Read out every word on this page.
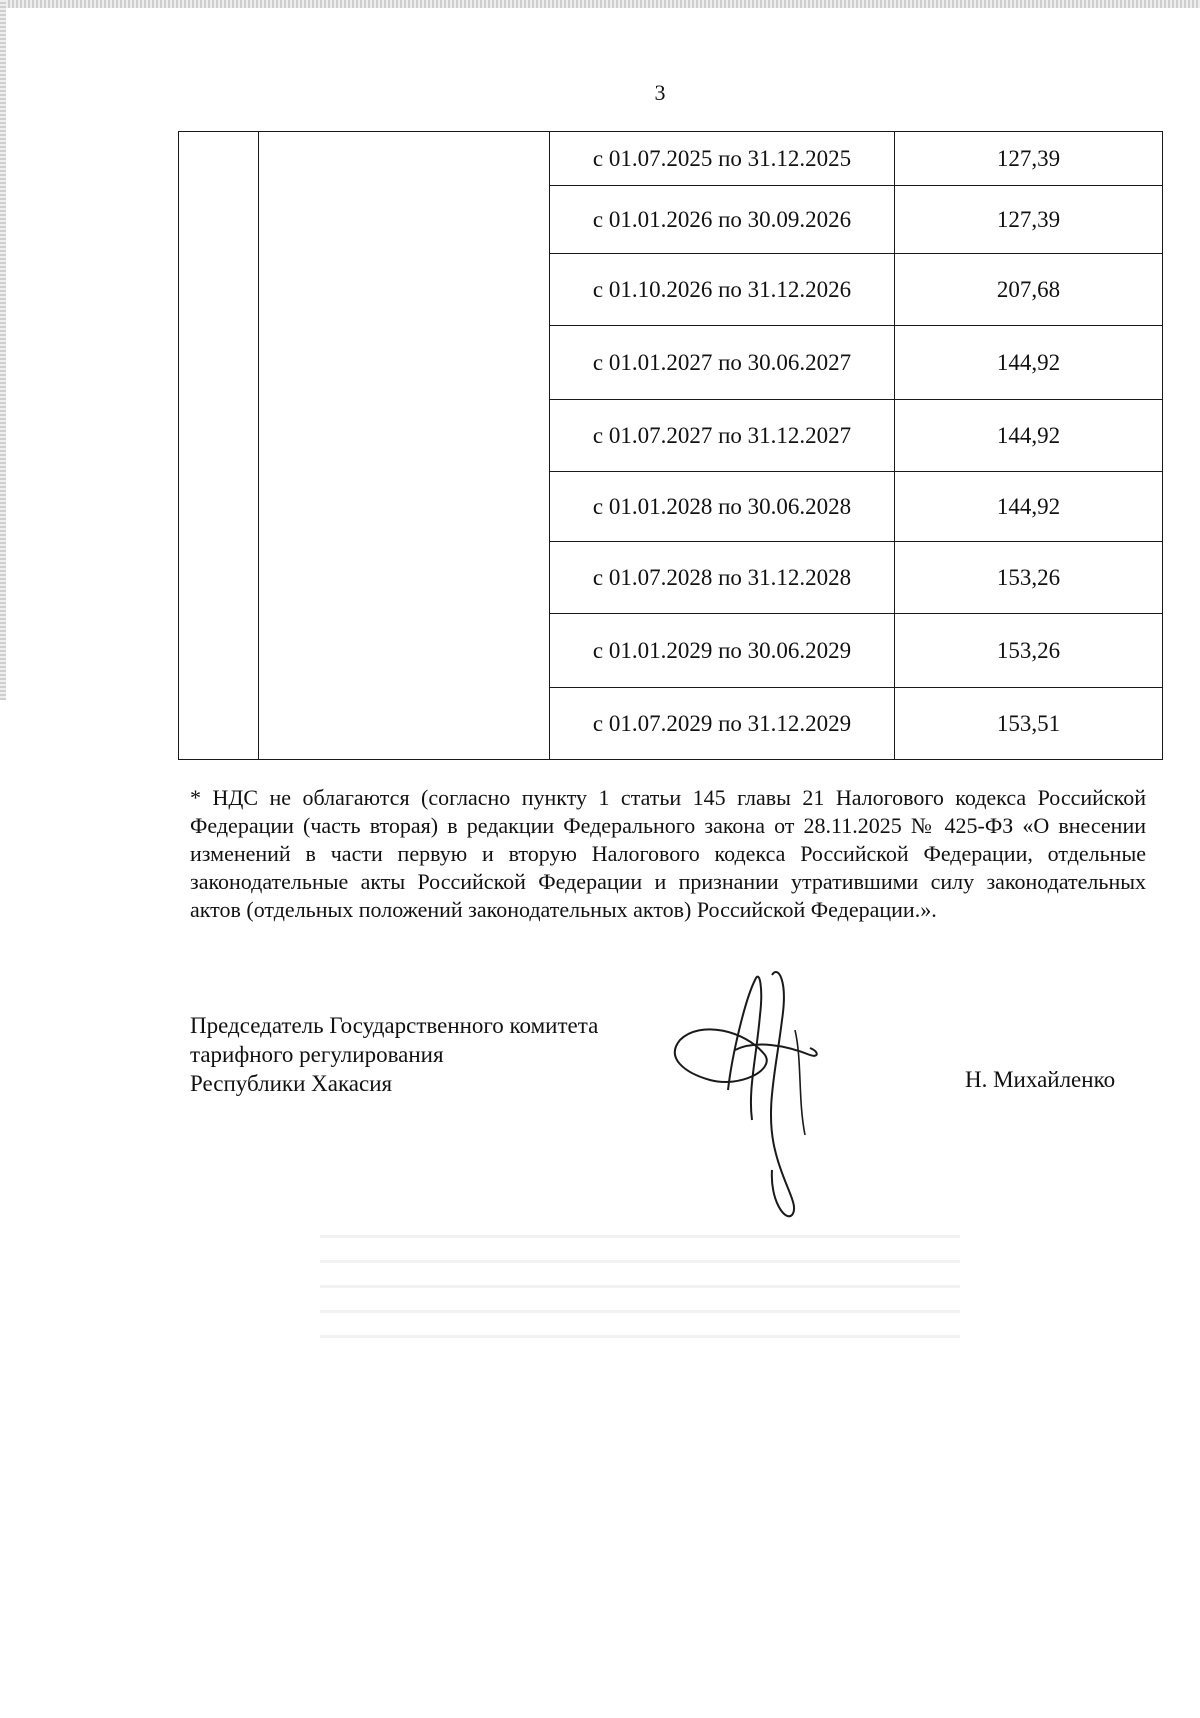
3
		с 01.07.2025 по 31.12.2025	127,39
		с 01.01.2026 по 30.09.2026	127,39
		с 01.10.2026 по 31.12.2026	207,68
		с 01.01.2027 по 30.06.2027	144,92
		с 01.07.2027 по 31.12.2027	144,92
		с 01.01.2028 по 30.06.2028	144,92
		с 01.07.2028 по 31.12.2028	153,26
		с 01.01.2029 по 30.06.2029	153,26
		с 01.07.2029 по 31.12.2029	153,51

* НДС не облагаются (согласно пункту 1 статьи 145 главы 21 Налогового кодекса Российской Федерации (часть вторая) в редакции Федерального закона от 28.11.2025 № 425-ФЗ «О внесении изменений в части первую и вторую Налогового кодекса Российской Федерации, отдельные законодательные акты Российской Федерации и признании утратившими силу законодательных актов (отдельных положений законодательных актов) Российской Федерации.».

Председатель Государственного комитета
тарифного регулирования
Республики Хакасия	Н. Михайленко
